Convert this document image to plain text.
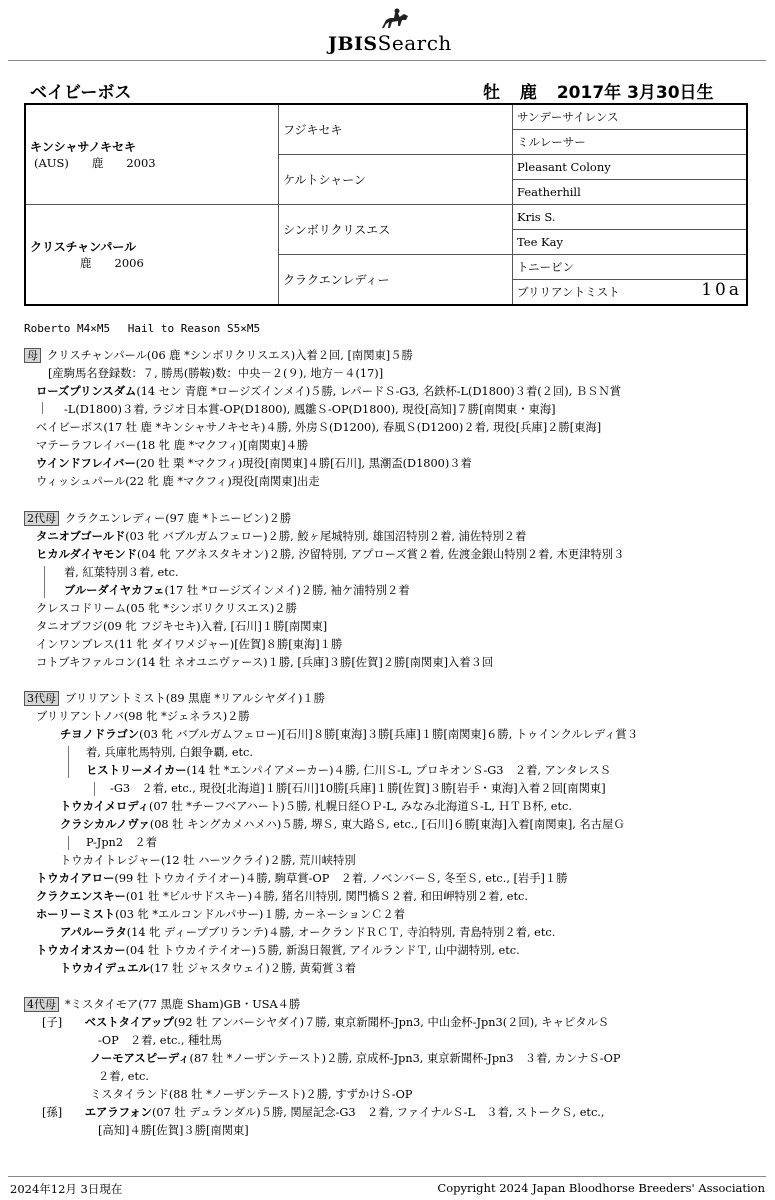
JBISSearch
ベイビーボス	牡 鹿 2017年 3月30日生
キンシャサノキセキ
(AUS)　　鹿　　2003	フジキセキ	サンデーサイレンス
		ミルレーサー
	ケルトシャーン	Pleasant Colony
		Featherhill

クリスチャンパール
　　　　鹿　　2006	シンボリクリスエス	Kris S.
		Tee Kay
	クラクエンレディー	トニービン
		ブリリアントミスト 10a
Roberto M4×M5　 Hail to Reason S5×M5
母 クリスチャンパール(06 鹿 *シンボリクリスエス)入着２回, [南関東]５勝
[産駒馬名登録数：７, 勝馬(勝鞍)数：中央－２(９), 地方－４(17)]
ローズプリンスダム(14 セン 青鹿 *ロージズインメイ)５勝, レパードＳ-G3, 名鉄杯-L(D1800)３着(２回), ＢＳＮ賞
-L(D1800)３着, ラジオ日本賞-OP(D1800), 鳳雛Ｓ-OP(D1800), 現役[高知]７勝[南関東・東海]
ベイビーボス(17 牡 鹿 *キンシャサノキセキ)４勝, 外房Ｓ(D1200), 春風Ｓ(D1200)２着, 現役[兵庫]２勝[東海]
マテーラフレイバー(18 牝 鹿 *マクフィ)[南関東]４勝
ウインドフレイバー(20 牡 栗 *マクフィ)現役[南関東]４勝[石川], 黒潮盃(D1800)３着
ウィッシュパール(22 牝 鹿 *マクフィ)現役[南関東]出走
2代母 クラクエンレディー(97 鹿 *トニービン)２勝
タニオブゴールド(03 牝 バブルガムフェロー)２勝, 鮫ヶ尾城特別, 雄国沼特別２着, 浦佐特別２着
ヒカルダイヤモンド(04 牝 アグネスタキオン)２勝, 汐留特別, アプローズ賞２着, 佐渡金銀山特別２着, 木更津特別３
着, 紅葉特別３着, etc.
ブルーダイヤカフェ(17 牡 *ロージズインメイ)２勝, 袖ケ浦特別２着
クレスコドリーム(05 牝 *シンボリクリスエス)２勝
タニオブフジ(09 牝 フジキセキ)入着, [石川]１勝[南関東]
インワンブレス(11 牝 ダイワメジャー)[佐賀]８勝[東海]１勝
コトブキファルコン(14 牡 ネオユニヴァース)１勝, [兵庫]３勝[佐賀]２勝[南関東]入着３回
3代母 ブリリアントミスト(89 黒鹿 *リアルシヤダイ)１勝
ブリリアントノバ(98 牝 *ジェネラス)２勝
チヨノドラゴン(03 牝 バブルガムフェロー)[石川]８勝[東海]３勝[兵庫]１勝[南関東]６勝, トゥインクルレディ賞３
着, 兵庫牝馬特別, 白銀争覇, etc.
ヒストリーメイカー(14 牡 *エンパイアメーカー)４勝, 仁川Ｓ-L, プロキオンＳ-G3　２着, アンタレスＳ
-G3　２着, etc., 現役[北海道]１勝[石川]10勝[兵庫]１勝[佐賀]３勝[岩手・東海]入着２回[南関東]
トウカイメロディ(07 牡 *チーフベアハート)５勝, 札幌日経ＯＰ-L, みなみ北海道Ｓ-L, ＨＴＢ杯, etc.
クラシカルノヴァ(08 牡 キングカメハメハ)５勝, 堺Ｓ, 東大路Ｓ, etc., [石川]６勝[東海]入着[南関東], 名古屋Ｇ
P-Jpn2　２着
トウカイトレジャー(12 牡 ハーツクライ)２勝, 荒川峡特別
トウカイアロー(99 牡 トウカイテイオー)４勝, 駒草賞-OP　２着, ノベンバーＳ, 冬至Ｓ, etc., [岩手]１勝
クラクエンスキー(01 牡 *ピルサドスキー)４勝, 猪名川特別, 関門橋Ｓ２着, 和田岬特別２着, etc.
ホーリーミスト(03 牝 *エルコンドルパサー)１勝, カーネーションＣ２着
アパルーラタ(14 牝 ディープブリランテ)４勝, オークランドＲＣＴ, 寺泊特別, 青島特別２着, etc.
トウカイオスカー(04 牡 トウカイテイオー)５勝, 新潟日報賞, アイルランドＴ, 山中湖特別, etc.
トウカイデュエル(17 牡 ジャスタウェイ)２勝, 黄菊賞３着
4代母 *ミスタイモア(77 黒鹿 Sham)GB・USA４勝
[子]　　 ベストタイアップ(92 牡 アンバーシヤダイ)７勝, 東京新聞杯-Jpn3, 中山金杯-Jpn3(２回), キャピタルＳ
-OP　２着, etc., 種牡馬
ノーモアスピーディ(87 牡 *ノーザンテースト)２勝, 京成杯-Jpn3, 東京新聞杯-Jpn3　３着, カンナＳ-OP
２着, etc.
ミスタイランド(88 牡 *ノーザンテースト)２勝, すずかけＳ-OP
[孫]　　 エアラフォン(07 牡 デュランダル)５勝, 関屋記念-G3　２着, ファイナルＳ-L　３着, ストークＳ, etc.,
[高知]４勝[佐賀]３勝[南関東]
2024年12月 3日現在	Copyright 2024 Japan Bloodhorse Breeders' Association
